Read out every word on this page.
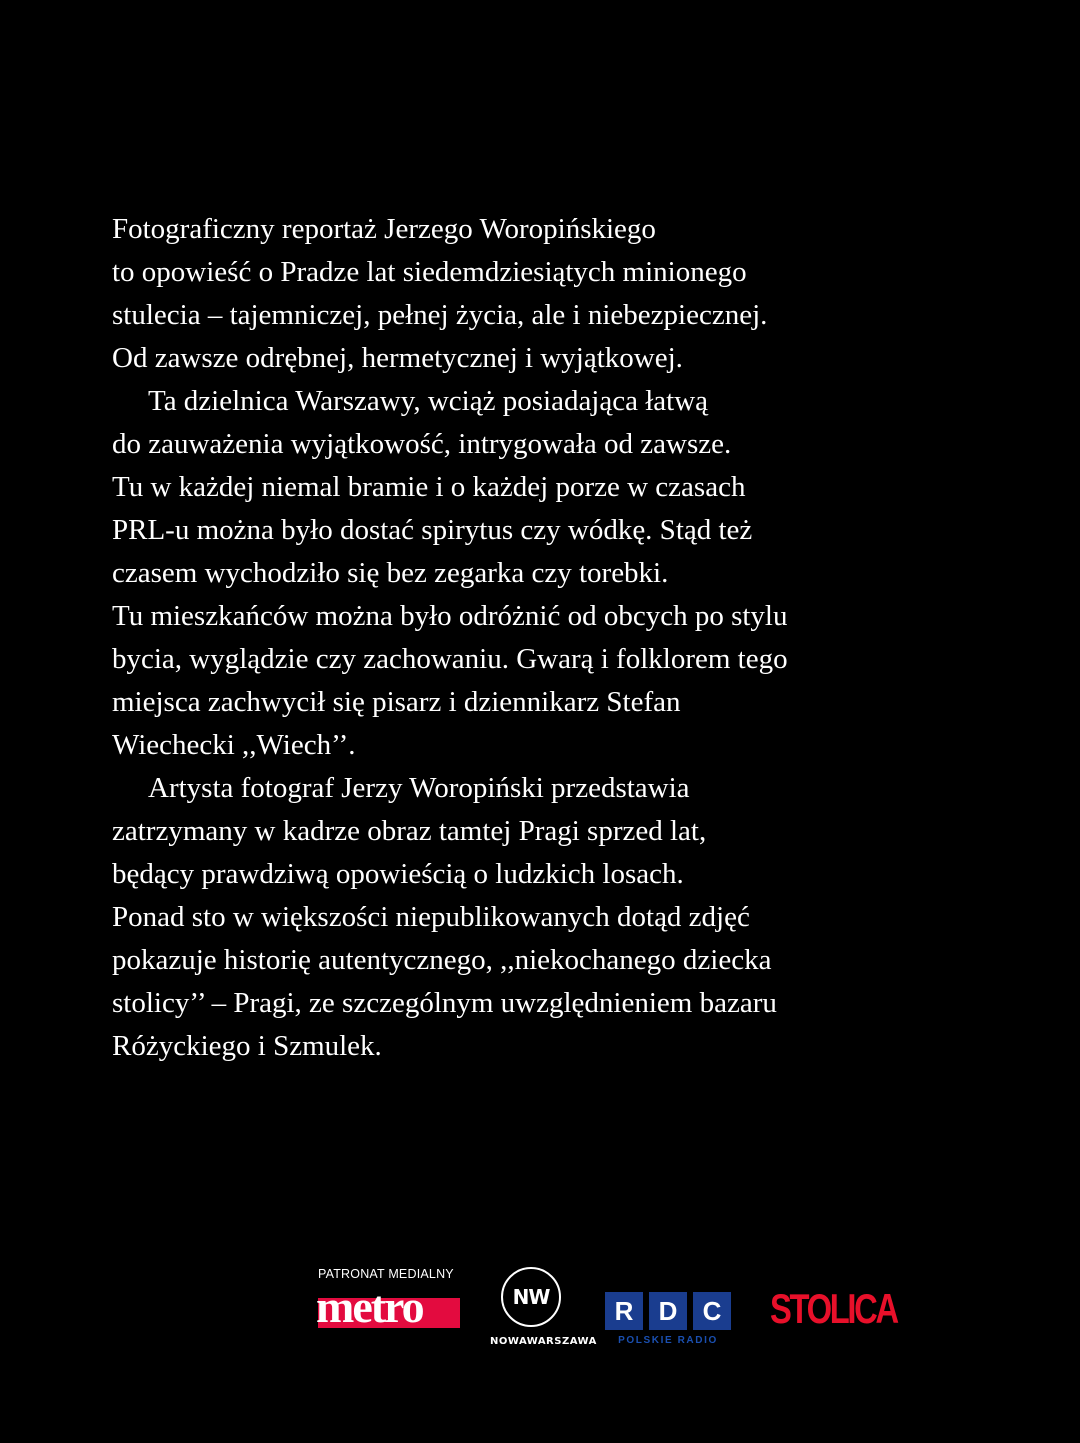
Fotograficzny reportaż Jerzego Woropińskiego
to opowieść o Pradze lat siedemdziesiątych minionego
stulecia – tajemniczej, pełnej życia, ale i niebezpiecznej.
Od zawsze odrębnej, hermetycznej i wyjątkowej.
Ta dzielnica Warszawy, wciąż posiadająca łatwą
do zauważenia wyjątkowość, intrygowała od zawsze.
Tu w każdej niemal bramie i o każdej porze w czasach
PRL-u można było dostać spirytus czy wódkę. Stąd też
czasem wychodziło się bez zegarka czy torebki.
Tu mieszkańców można było odróżnić od obcych po stylu
bycia, wyglądzie czy zachowaniu. Gwarą i folklorem tego
miejsca zachwycił się pisarz i dziennikarz Stefan
Wiechecki ,,Wiech’’.
Artysta fotograf Jerzy Woropiński przedstawia
zatrzymany w kadrze obraz tamtej Pragi sprzed lat,
będący prawdziwą opowieścią o ludzkich losach.
Ponad sto w większości niepublikowanych dotąd zdjęć
pokazuje historię autentycznego, ,,niekochanego dziecka
stolicy’’ – Pragi, ze szczególnym uwzględnieniem bazaru
Różyckiego i Szmulek.
PATRONAT MEDIALNY
metro	NW
NOWAWARSZAWA
R D C
POLSKIE RADIO
STOLICA
